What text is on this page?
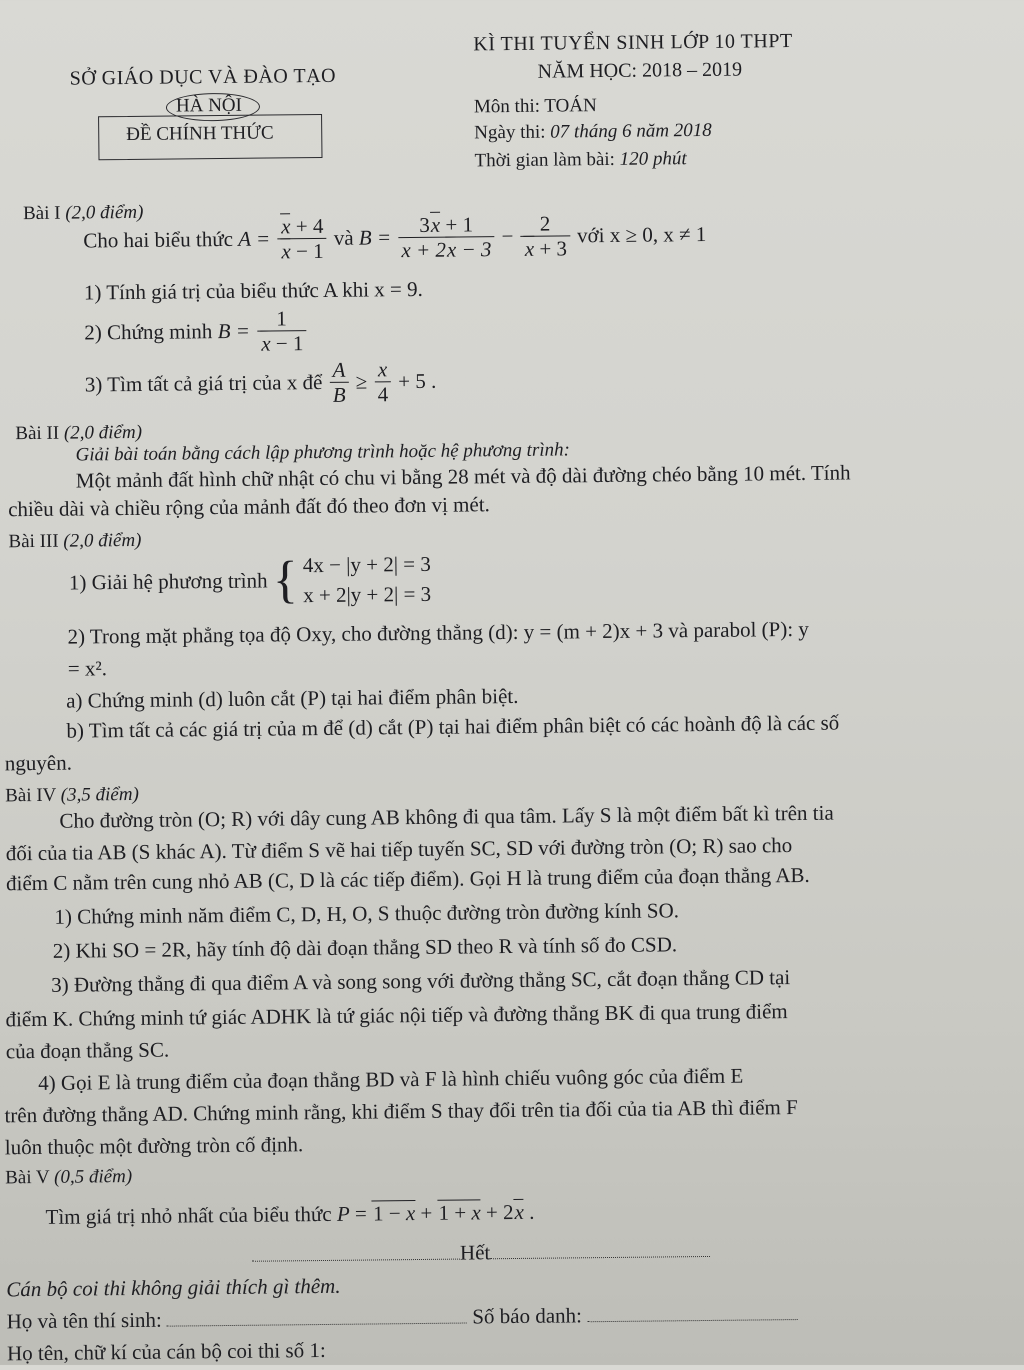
SỞ GIÁO DỤC VÀ ĐÀO TẠO
HÀ NỘI
ĐỀ CHÍNH THỨC
KÌ THI TUYỂN SINH LỚP 10 THPT
NĂM HỌC: 2018 – 2019
Môn thi: TOÁN
Ngày thi: 07 tháng 6 năm 2018
Thời gian làm bài: 120 phút
Bài I (2,0 điểm)
Cho hai biểu thức $A = \frac{x + 4}{x - 1}$ và $B = \frac{3x + 1}{x + 2x - 3} - \frac{2}{x + 3}$ với x ≥ 0, x ≠ 1
1) Tính giá trị của biểu thức A khi x = 9.
2) Chứng minh $B = \frac{1}{x - 1}$
3) Tìm tất cả giá trị của x để $\frac{A}{B} \ge \frac{x}{4} + 5$ .
Bài II (2,0 điểm)
Giải bài toán bằng cách lập phương trình hoặc hệ phương trình:
Một mảnh đất hình chữ nhật có chu vi bằng 28 mét và độ dài đường chéo bằng 10 mét. Tính
chiều dài và chiều rộng của mảnh đất đó theo đơn vị mét.
Bài III (2,0 điểm)
1) Giải hệ phương trình { 4x − |y + 2| = 3
x + 2|y + 2| = 3
2) Trong mặt phẳng tọa độ Oxy, cho đường thẳng (d): y = (m + 2)x + 3 và parabol (P): y
= x².
a) Chứng minh (d) luôn cắt (P) tại hai điểm phân biệt.
b) Tìm tất cả các giá trị của m để (d) cắt (P) tại hai điểm phân biệt có các hoành độ là các số
nguyên.
Bài IV (3,5 điểm)
Cho đường tròn (O; R) với dây cung AB không đi qua tâm. Lấy S là một điểm bất kì trên tia
đối của tia AB (S khác A). Từ điểm S vẽ hai tiếp tuyến SC, SD với đường tròn (O; R) sao cho
điểm C nằm trên cung nhỏ AB (C, D là các tiếp điểm). Gọi H là trung điểm của đoạn thẳng AB.
1) Chứng minh năm điểm C, D, H, O, S thuộc đường tròn đường kính SO.
2) Khi SO = 2R, hãy tính độ dài đoạn thẳng SD theo R và tính số đo CSD.
3) Đường thẳng đi qua điểm A và song song với đường thẳng SC, cắt đoạn thẳng CD tại
điểm K. Chứng minh tứ giác ADHK là tứ giác nội tiếp và đường thẳng BK đi qua trung điểm
của đoạn thẳng SC.
4) Gọi E là trung điểm của đoạn thẳng BD và F là hình chiếu vuông góc của điểm E
trên đường thẳng AD. Chứng minh rằng, khi điểm S thay đổi trên tia đối của tia AB thì điểm F
luôn thuộc một đường tròn cố định.
Bài V (0,5 điểm)
Tìm giá trị nhỏ nhất của biểu thức P = 1 − x + 1 + x + 2x .
Hết
Cán bộ coi thi không giải thích gì thêm.
Họ và tên thí sinh:	Số báo danh:
Họ tên, chữ kí của cán bộ coi thi số 1:
